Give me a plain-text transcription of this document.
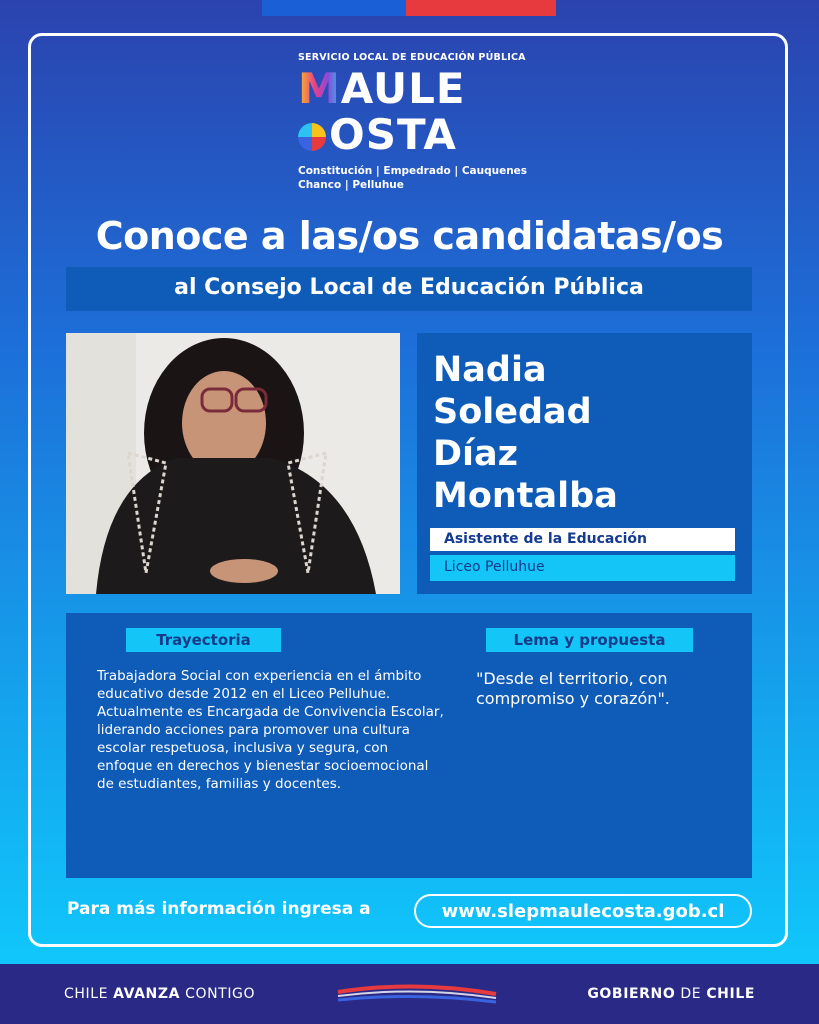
SERVICIO LOCAL DE EDUCACIÓN PÚBLICA
MAULE
OSTA
Constitución | Empedrado | Cauquenes
Chanco | Pelluhue
Conoce a las/os candidatas/os
al Consejo Local de Educación Pública
Nadia
Soledad
Díaz
Montalba
Asistente de la Educación
Liceo Pelluhue
Trayectoria	Lema y propuesta
Trabajadora Social con experiencia en el ámbito educativo desde 2012 en el Liceo Pelluhue. Actualmente es Encargada de Convivencia Escolar, liderando acciones para promover una cultura escolar respetuosa, inclusiva y segura, con enfoque en derechos y bienestar socioemocional de estudiantes, familias y docentes.
"Desde el territorio, con compromiso y corazón".
Para más información ingresa a	www.slepmaulecosta.gob.cl
CHILE AVANZA CONTIGO	GOBIERNO DE CHILE
